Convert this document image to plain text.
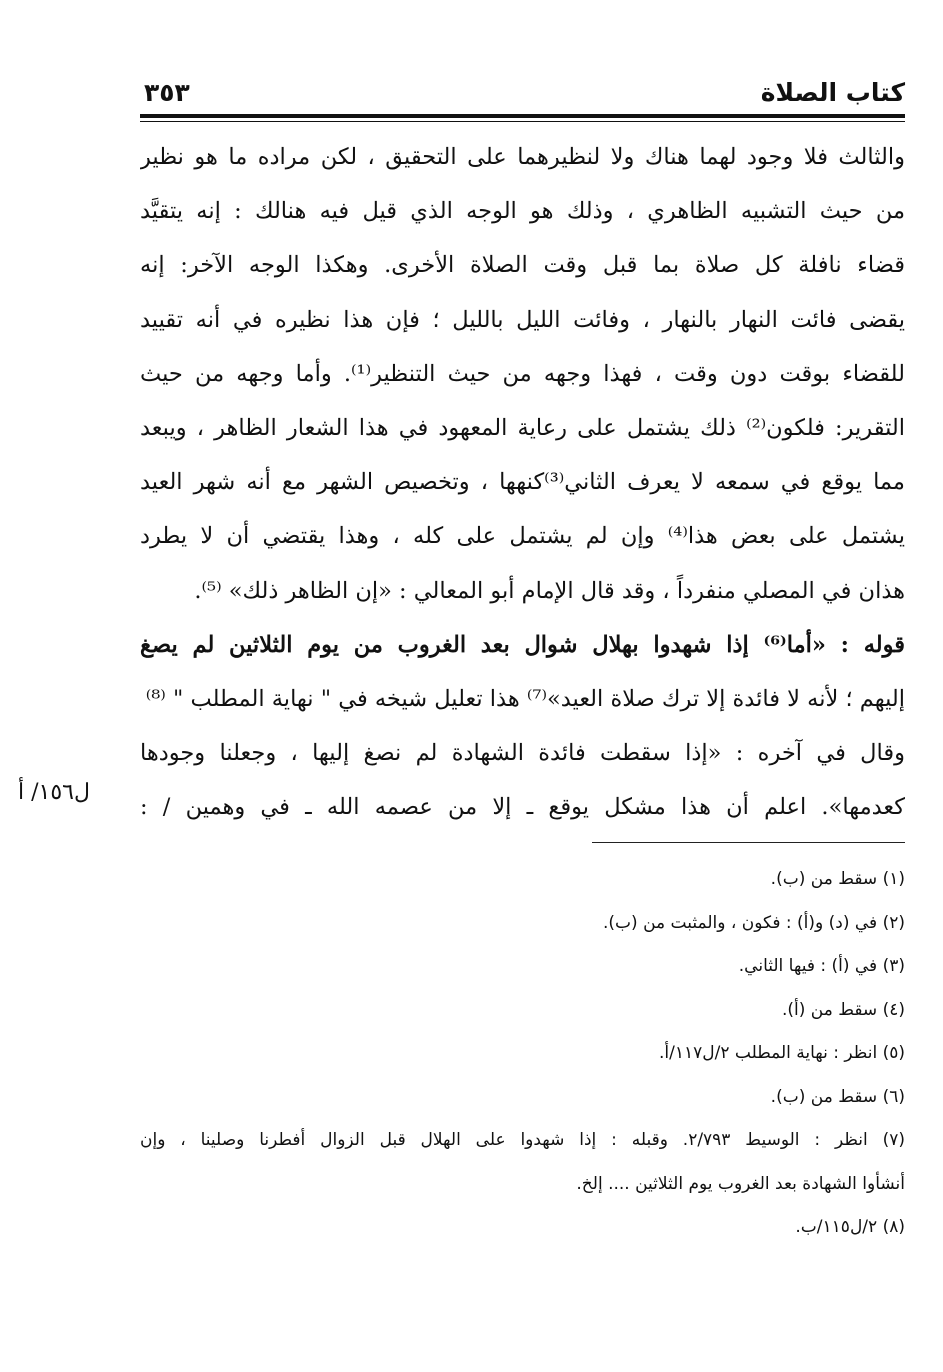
كتاب الصلاة
٣٥٣
والثالث فلا وجود لهما هناك ولا لنظيرهما على التحقيق ، لكن مراده ما هو نظير
من حيث التشبيه الظاهري ، وذلك هو الوجه الذي قيل فيه هنالك : إنه يتقيَّد
قضاء نافلة كل صلاة بما قبل وقت الصلاة الأخرى. وهكذا الوجه الآخر: إنه
يقضى فائت النهار بالنهار ، وفائت الليل بالليل ؛ فإن هذا نظيره في أنه تقييد
للقضاء بوقت دون وقت ، فهذا وجهه من حيث التنظير⁽¹⁾. وأما وجهه من حيث
التقرير: فلكون⁽²⁾ ذلك يشتمل على رعاية المعهود في هذا الشعار الظاهر ، ويبعد
مما يوقع في سمعه لا يعرف الثاني⁽³⁾كنهها ، وتخصيص الشهر مع أنه شهر العيد
يشتمل على بعض هذا⁽⁴⁾ وإن لم يشتمل على كله ، وهذا يقتضي أن لا يطرد
هذان في المصلي منفرداً ، وقد قال الإمام أبو المعالي : «إن الظاهر ذلك» ⁽⁵⁾.
قوله : «أما⁽⁶⁾ إذا شهدوا بهلال شوال بعد الغروب من يوم الثلاثين لم يصغ
إليهم ؛ لأنه لا فائدة إلا ترك صلاة العيد»⁽⁷⁾ هذا تعليل شيخه في " نهاية المطلب " ⁽⁸⁾
وقال في آخره : «إذا سقطت فائدة الشهادة لم نصغ إليها ، وجعلنا وجودها
كعدمها». اعلم أن هذا مشكل يوقع ـ إلا من عصمه الله ـ في وهمين / :
ل١٥٦/ أ
(١) سقط من (ب).
(٢) في (د) و(أ) : فكون ، والمثبت من (ب).
(٣) في (أ) : فيها الثاني.
(٤) سقط من (أ).
(٥) انظر : نهاية المطلب ٢/ل١١٧/أ.
(٦) سقط من (ب).
(٧) انظر : الوسيط ٢/٧٩٣. وقبله : إذا شهدوا على الهلال قبل الزوال أفطرنا وصلينا ، وإن
أنشأوا الشهادة بعد الغروب يوم الثلاثين .... إلخ.
(٨) ٢/ل١١٥/ب.
